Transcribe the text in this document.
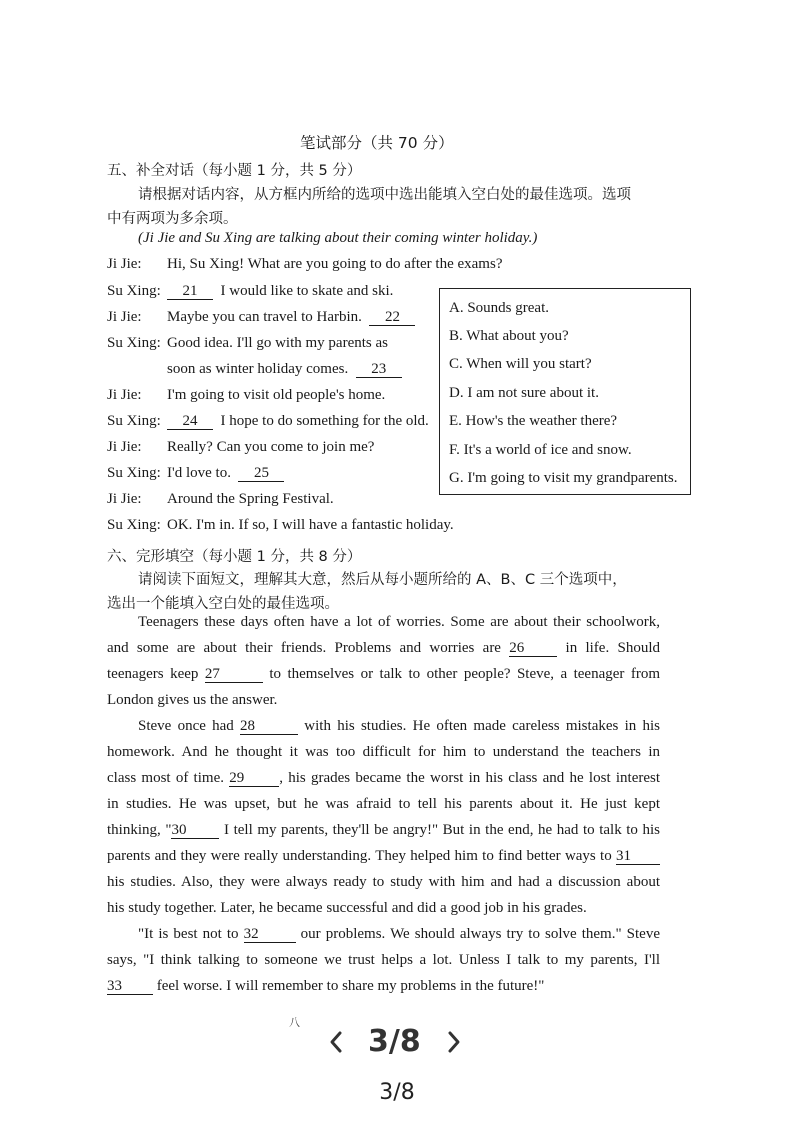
笔试部分（共 70 分）
五、补全对话（每小题 1 分，共 5 分）
请根据对话内容，从方框内所给的选项中选出能填入空白处的最佳选项。选项
中有两项为多余项。
(Ji Jie and Su Xing are talking about their coming winter holiday.)
Ji Jie: Hi, Su Xing! What are you going to do after the exams?
Su Xing: 21 I would like to skate and ski.
Ji Jie: Maybe you can travel to Harbin. 22
Su Xing: Good idea. I'll go with my parents as
soon as winter holiday comes. 23
Ji Jie: I'm going to visit old people's home.
Su Xing: 24 I hope to do something for the old.
Ji Jie: Really? Can you come to join me?
Su Xing: I'd love to. 25
Ji Jie: Around the Spring Festival.
Su Xing: OK. I'm in. If so, I will have a fantastic holiday.
A. Sounds great.
B. What about you?
C. When will you start?
D. I am not sure about it.
E. How's the weather there?
F. It's a world of ice and snow.
G. I'm going to visit my grandparents.
六、完形填空（每小题 1 分，共 8 分）
请阅读下面短文，理解其大意，然后从每小题所给的 A、B、C 三个选项中，
选出一个能填入空白处的最佳选项。
Teenagers these days often have a lot of worries. Some are about their schoolwork,
and some are about their friends. Problems and worries are 26	in life. Should
teenagers keep 27	to themselves or talk to other people? Steve, a teenager from
London gives us the answer.
Steve once had 28	with his studies. He often made careless mistakes in his
homework. And he thought it was too difficult for him to understand the teachers in
class most of time. 29 , his grades became the worst in his class and he lost interest
in studies. He was upset, but he was afraid to tell his parents about it. He just kept
thinking, "30	I tell my parents, they'll be angry!" But in the end, he had to talk to his
parents and they were really understanding. They helped him to find better ways to 31
his studies. Also, they were always ready to study with him and had a discussion about
his study together. Later, he became successful and did a good job in his grades.
"It is best not to 32	our problems. We should always try to solve them." Steve
says, "I think talking to someone we trust helps a lot. Unless I talk to my parents, I'll
33 feel worse. I will remember to share my problems in the future!"
八
3/8
3/8
